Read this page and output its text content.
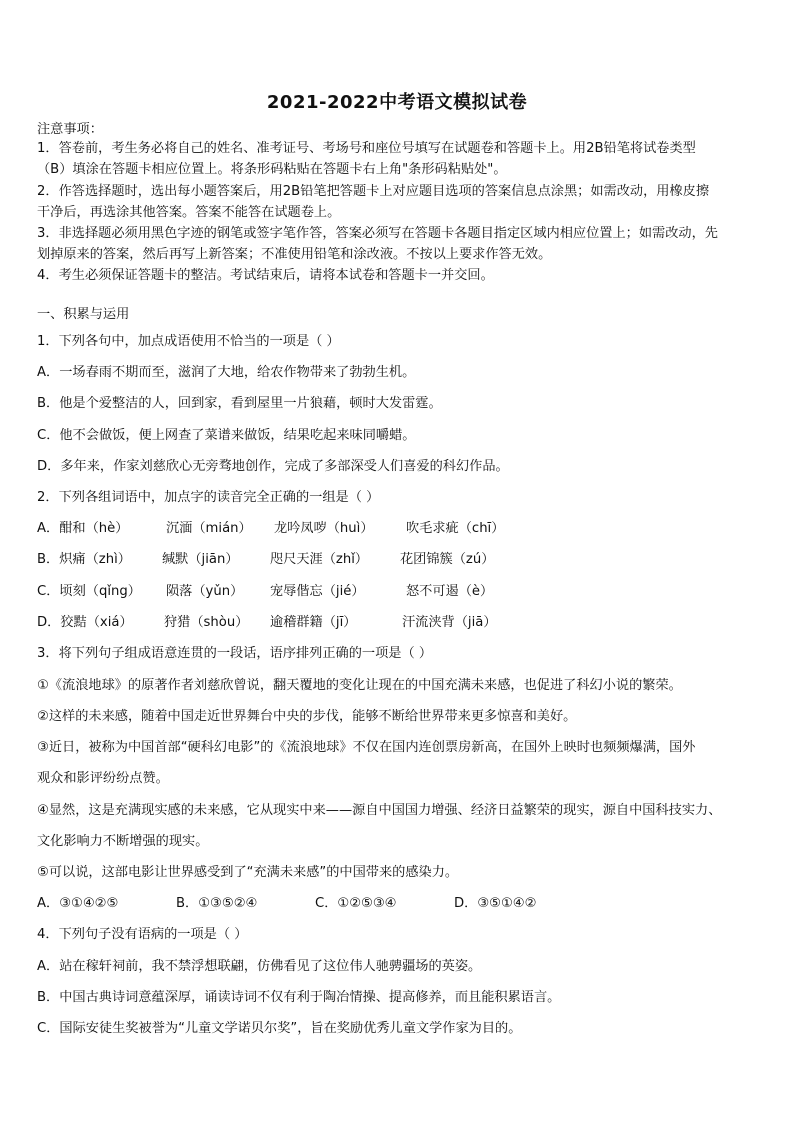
2021-2022中考语文模拟试卷
注意事项：
1．答卷前，考生务必将自己的姓名、准考证号、考场号和座位号填写在试题卷和答题卡上。用2B铅笔将试卷类型
（B）填涂在答题卡相应位置上。将条形码粘贴在答题卡右上角"条形码粘贴处"。
2．作答选择题时，选出每小题答案后，用2B铅笔把答题卡上对应题目选项的答案信息点涂黑；如需改动，用橡皮擦
干净后，再选涂其他答案。答案不能答在试题卷上。
3．非选择题必须用黑色字迹的钢笔或签字笔作答，答案必须写在答题卡各题目指定区域内相应位置上；如需改动，先
划掉原来的答案，然后再写上新答案；不准使用铅笔和涂改液。不按以上要求作答无效。
4．考生必须保证答题卡的整洁。考试结束后，请将本试卷和答题卡一并交回。
一、积累与运用
1．下列各句中，加点成语使用不恰当的一项是（ ）
A．一场春雨不期而至，滋润了大地，给农作物带来了勃勃生机。
B．他是个爱整洁的人，回到家，看到屋里一片狼藉，顿时大发雷霆。
C．他不会做饭，便上网查了菜谱来做饭，结果吃起来味同嚼蜡。
D．多年来，作家刘慈欣心无旁骛地创作，完成了多部深受人们喜爱的科幻作品。
2．下列各组词语中，加点字的读音完全正确的一组是（ ）
A．酣和（hè）	沉湎（mián） 龙吟凤哕（huì） 吹毛求疵（chī）
B．炽痛（zhì） 缄默（jiān） 咫尺天涯（zhǐ） 花团锦簇（zú）
C．顷刻（qǐng） 陨落（yǔn） 宠辱偕忘（jié）	怒不可遏（è）
D．狡黠（xiá） 狩猎（shòu） 逾稽群籍（jī）	汗流浃背（jiā）
3．将下列句子组成语意连贯的一段话，语序排列正确的一项是（ ）
①《流浪地球》的原著作者刘慈欣曾说，翻天覆地的变化让现在的中国充满未来感，也促进了科幻小说的繁荣。
②这样的未来感，随着中国走近世界舞台中央的步伐，能够不断给世界带来更多惊喜和美好。
③近日，被称为中国首部“硬科幻电影”的《流浪地球》不仅在国内连创票房新高，在国外上映时也频频爆满，国外
观众和影评纷纷点赞。
④显然，这是充满现实感的未来感，它从现实中来——源自中国国力增强、经济日益繁荣的现实，源自中国科技实力、
文化影响力不断增强的现实。
⑤可以说，这部电影让世界感受到了“充满未来感”的中国带来的感染力。
A．③①④②⑤	B．①③⑤②④	C．①②⑤③④	D．③⑤①④②
4．下列句子没有语病的一项是（ ）
A．站在稼轩祠前，我不禁浮想联翩，仿佛看见了这位伟人驰骋疆场的英姿。
B．中国古典诗词意蕴深厚，诵读诗词不仅有利于陶冶情操、提高修养，而且能积累语言。
C．国际安徒生奖被誉为“儿童文学诺贝尔奖”，旨在奖励优秀儿童文学作家为目的。
